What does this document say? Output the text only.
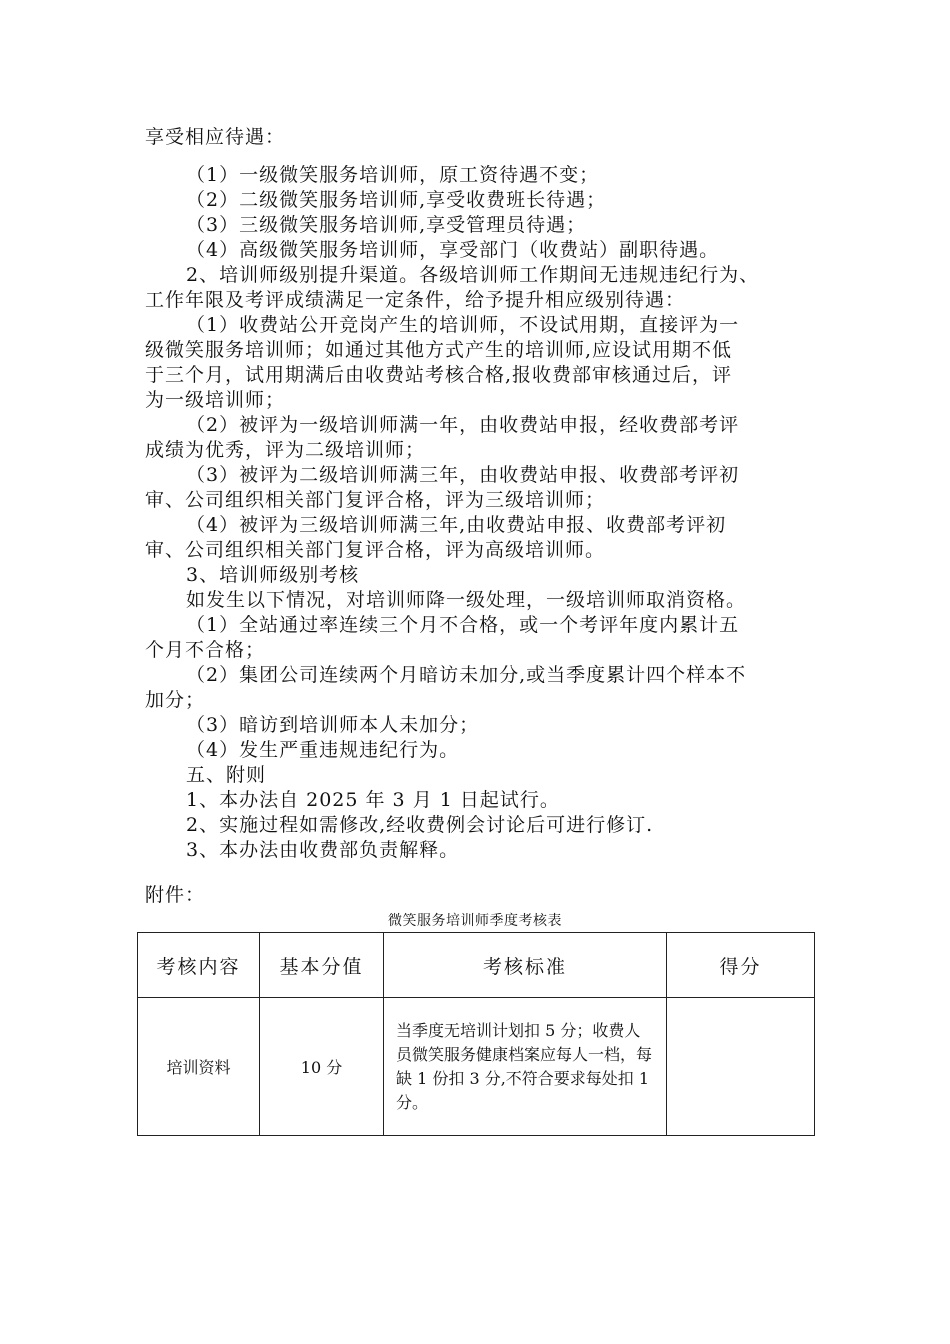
享受相应待遇：
（1）一级微笑服务培训师，原工资待遇不变；
（2）二级微笑服务培训师,享受收费班长待遇；
（3）三级微笑服务培训师,享受管理员待遇；
（4）高级微笑服务培训师，享受部门（收费站）副职待遇。
2、培训师级别提升渠道。各级培训师工作期间无违规违纪行为、
工作年限及考评成绩满足一定条件，给予提升相应级别待遇：
（1）收费站公开竞岗产生的培训师，不设试用期，直接评为一
级微笑服务培训师；如通过其他方式产生的培训师,应设试用期不低
于三个月，试用期满后由收费站考核合格,报收费部审核通过后，评
为一级培训师；
（2）被评为一级培训师满一年，由收费站申报，经收费部考评
成绩为优秀，评为二级培训师；
（3）被评为二级培训师满三年，由收费站申报、收费部考评初
审、公司组织相关部门复评合格，评为三级培训师；
（4）被评为三级培训师满三年,由收费站申报、收费部考评初
审、公司组织相关部门复评合格，评为高级培训师。
3、培训师级别考核
如发生以下情况，对培训师降一级处理，一级培训师取消资格。
（1）全站通过率连续三个月不合格，或一个考评年度内累计五
个月不合格；
（2）集团公司连续两个月暗访未加分,或当季度累计四个样本不
加分；
（3）暗访到培训师本人未加分；
（4）发生严重违规违纪行为。
五、附则
1、本办法自 2025 年 3 月 1 日起试行。
2、实施过程如需修改,经收费例会讨论后可进行修订.
3、本办法由收费部负责解释。
附件：
微笑服务培训师季度考核表
考核内容	基本分值	考核标准	得分
培训资料	10 分	当季度无培训计划扣 5 分；收费人员微笑服务健康档案应每人一档，每缺 1 份扣 3 分,不符合要求每处扣 1 分。	
